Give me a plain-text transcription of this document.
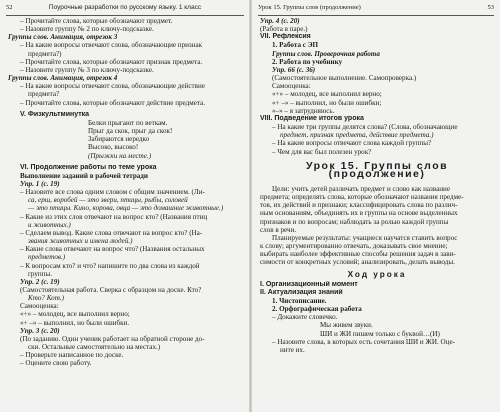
52	Поурочные разработки по русскому языку. 1 класс
– Прочитайте слова, которые обозначают предмет.
– Назовите группу № 2 по ключу-подсказке.
Группы слов. Анимация, отрезок 3
– На какие вопросы отвечают слова, обозначающие признак
предмета?)
– Прочитайте слова, которые обозначают признак предмета.
– Назовите группу № 3 по ключу-подсказке.
Группы слов. Анимация, отрезок 4
– На какие вопросы отвечают слова, обозначающие действие
предмета?
– Прочитайте слова, которые обозначают действие предмета.
V. Физкультминутка
Белки прыгают по веткам.
Прыг да скок, прыг да скок!
Забираются нередко
Высоко, высоко!
(Прыжки на месте.)
VI. Продолжение работы по теме урока
Выполнение заданий в рабочей тетради
Упр. 1 (с. 19)
– Назовите все слова одним словом с общим значением. (Ли-
са, ерш, воробей — это звери, птицы, рыбы, соловей
— это птицы. Кино, корова, овца — это домашние животные.)
– Какие из этих слов отвечают на вопрос кто? (Названия птиц
и животных.)
– Сделаем вывод. Какие слова отвечают на вопрос кто? (На-
звания животных и имена людей.)
– Какие слова отвечают на вопрос что? (Названия остальных
предметов.)
– К вопросам кто? и что? напишите по два слова из каждой
группы.
Упр. 2 (с. 19)
(Самостоятельная работа. Сверка с образцом на доске. Кто?
Кто? Кот.)
Самооценка:
«+» – молодец, все выполнил верно;
«+ –» – выполнил, но были ошибки.
Упр. 3 (с. 20)
(По заданию. Один ученик работает на обратной стороне до-
ски. Остальные самостоятельно на местах.)
– Проверьте написанное по доске.
– Оцените свою работу.
Урок 15. Группы слов (продолжение)	53
Упр. 4 (с. 20)
(Работа в паре.)
VII. Рефлексия
1. Работа с ЭП
Группы слов. Проверочная работа
2. Работа по учебнику
Упр. 66 (с. 36)
(Самостоятельное выполнение. Самопроверка.)
Самооценка:
«+» – молодец, все выполнил верно;
«+ –» – выполнил, но были ошибки;
«–» – я затрудняюсь.
VIII. Подведение итогов урока
– На какие три группы делятся слова? (Слова, обозначающие
предмет, признак предмета, действие предмета.)
– На какие вопросы отвечают слова каждой группы?
– Чем для вас был полезен урок?
Урок 15. Группы слов (продолжение)
Цели: учить детей различать предмет и слово как название
предмета; определять слова, которые обозначают названия предме-
тов, их действий и признаки; классифицировать слова по различ-
ным основаниям, объединять их в группы на основе выделенных
признаков и по вопросам; наблюдать за ролью каждой группы
слов в речи.
Планируемые результаты: учащиеся научатся ставить вопрос
к слову; аргументированно отвечать, доказывать свое мнение;
выбирать наиболее эффективные способы решения задач в зави-
симости от конкретных условий; анализировать, делать выводы.
Ход урока
I. Организационный момент
II. Актуализация знаний
1. Чистописание.
2. Орфографическая работа
– Докажите словечко.
Мы живем звуки.
ШИ и ЖИ пишем только с буквой…(И)
– Назовите слова, в которых есть сочетания ШИ и ЖИ. Оце-
ните их.
